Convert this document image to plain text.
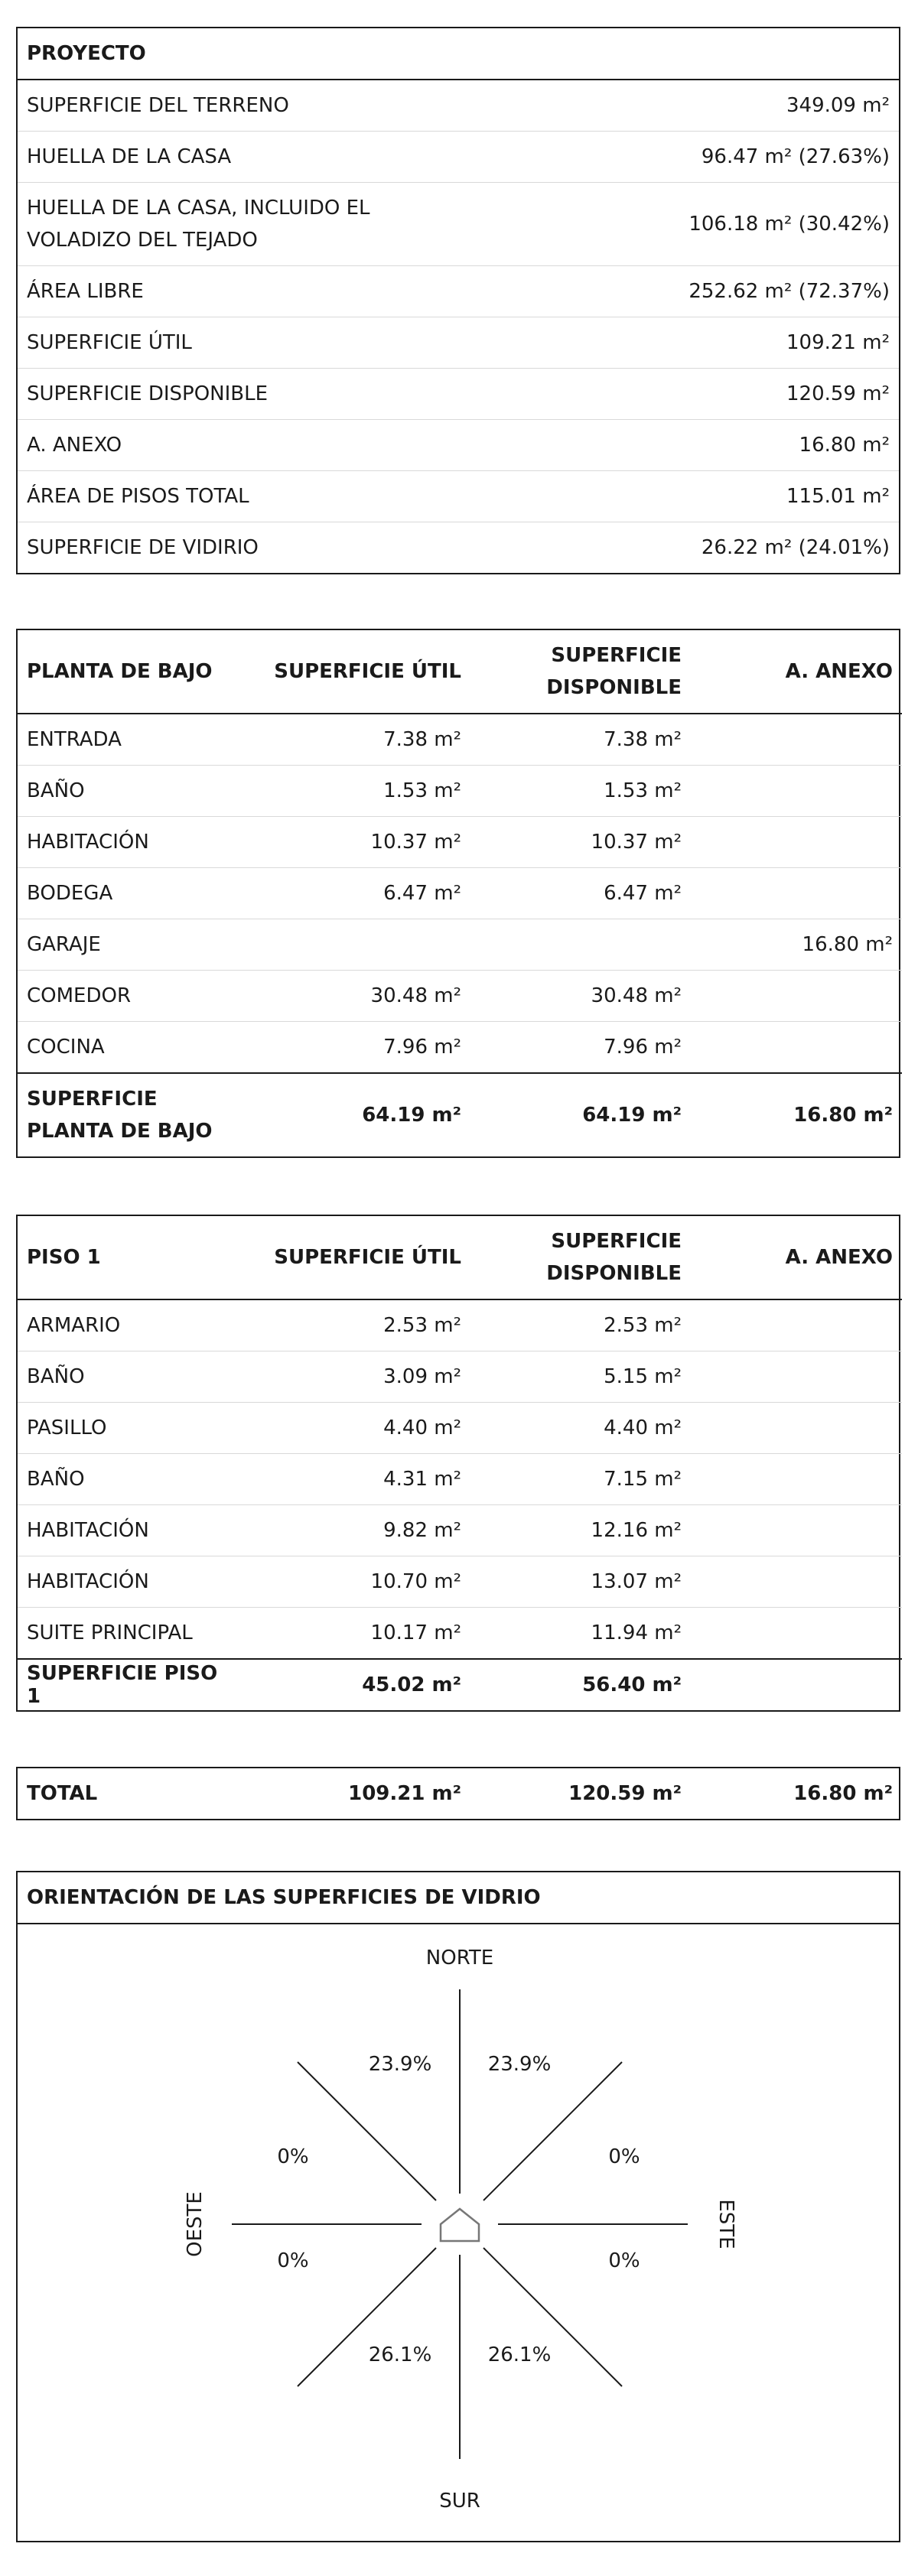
PROYECTO	
SUPERFICIE DEL TERRENO	349.09 m²
HUELLA DE LA CASA	96.47 m² (27.63%)
HUELLA DE LA CASA, INCLUIDO EL
VOLADIZO DEL TEJADO	106.18 m² (30.42%)
ÁREA LIBRE	252.62 m² (72.37%)
SUPERFICIE ÚTIL	109.21 m²
SUPERFICIE DISPONIBLE	120.59 m²
A. ANEXO	16.80 m²
ÁREA DE PISOS TOTAL	115.01 m²
SUPERFICIE DE VIDIRIO	26.22 m² (24.01%)
PLANTA DE BAJO	SUPERFICIE ÚTIL	SUPERFICIE
DISPONIBLE	A. ANEXO
ENTRADA	7.38 m²	7.38 m²	
BAÑO	1.53 m²	1.53 m²	
HABITACIÓN	10.37 m²	10.37 m²	
BODEGA	6.47 m²	6.47 m²	
GARAJE			16.80 m²
COMEDOR	30.48 m²	30.48 m²	
COCINA	7.96 m²	7.96 m²	
SUPERFICIE
PLANTA DE BAJO	64.19 m²	64.19 m²	16.80 m²
PISO 1	SUPERFICIE ÚTIL	SUPERFICIE
DISPONIBLE	A. ANEXO
ARMARIO	2.53 m²	2.53 m²	
BAÑO	3.09 m²	5.15 m²	
PASILLO	4.40 m²	4.40 m²	
BAÑO	4.31 m²	7.15 m²	
HABITACIÓN	9.82 m²	12.16 m²	
HABITACIÓN	10.70 m²	13.07 m²	
SUITE PRINCIPAL	10.17 m²	11.94 m²	
SUPERFICIE PISO 1	45.02 m²	56.40 m²	
TOTAL	109.21 m²	120.59 m²	16.80 m²
ORIENTACIÓN DE LAS SUPERFICIES DE VIDRIO
NORTE
SUR
ESTE
OESTE
23.9%	23.9%
0%
0%
26.1%
26.1%
0%
0%
